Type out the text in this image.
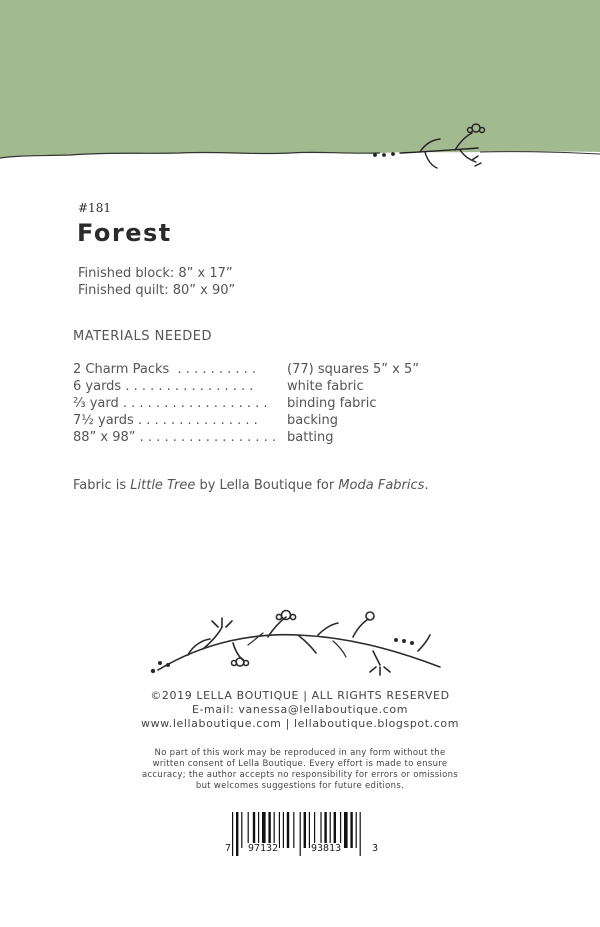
#181
Forest
Finished block: 8” x 17”
Finished quilt: 80” x 90”
MATERIALS NEEDED
2 Charm Packs  . . . . . . . . . . (77) squares 5” x 5”
6 yards . . . . . . . . . . . . . . . .	white fabric
⅔ yard . . . . . . . . . . . . . . . . . . binding fabric
7½ yards . . . . . . . . . . . . . . . backing
88” x 98” . . . . . . . . . . . . . . . . . batting
Fabric is Little Tree by Lella Boutique for Moda Fabrics.
©2019 LELLA BOUTIQUE | ALL RIGHTS RESERVED
E-mail: vanessa@lellaboutique.com
www.lellaboutique.com | lellaboutique.blogspot.com
No part of this work may be reproduced in any form without the written consent of Lella Boutique. Every effort is made to ensure accuracy; the author accepts no responsibility for errors or omissions but welcomes suggestions for future editions.
7 97132	93813	3
